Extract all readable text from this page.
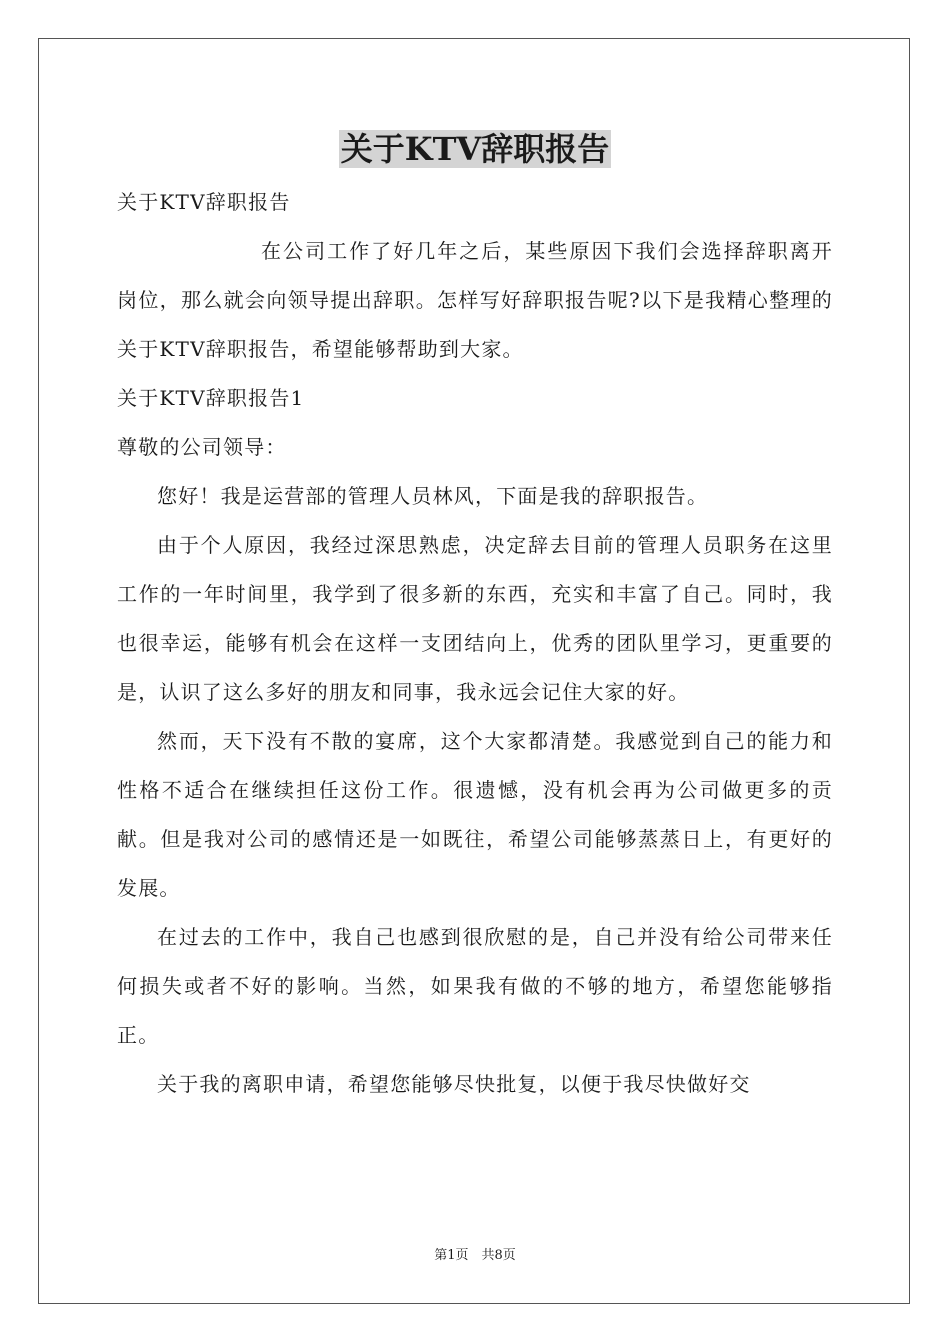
关于KTV辞职报告

关于KTV辞职报告

在公司工作了好几年之后，某些原因下我们会选择辞职离开岗位，那么就会向领导提出辞职。怎样写好辞职报告呢?以下是我精心整理的关于KTV辞职报告，希望能够帮助到大家。

关于KTV辞职报告1

尊敬的公司领导：

您好！我是运营部的管理人员林风，下面是我的辞职报告。

由于个人原因，我经过深思熟虑，决定辞去目前的管理人员职务在这里工作的一年时间里，我学到了很多新的东西，充实和丰富了自己。同时，我也很幸运，能够有机会在这样一支团结向上，优秀的团队里学习，更重要的是，认识了这么多好的朋友和同事，我永远会记住大家的好。

然而，天下没有不散的宴席，这个大家都清楚。我感觉到自己的能力和性格不适合在继续担任这份工作。很遗憾，没有机会再为公司做更多的贡献。但是我对公司的感情还是一如既往，希望公司能够蒸蒸日上，有更好的发展。

在过去的工作中，我自己也感到很欣慰的是，自己并没有给公司带来任何损失或者不好的影响。当然，如果我有做的不够的地方，希望您能够指正。

关于我的离职申请，希望您能够尽快批复，以便于我尽快做好交

第1页　共8页
